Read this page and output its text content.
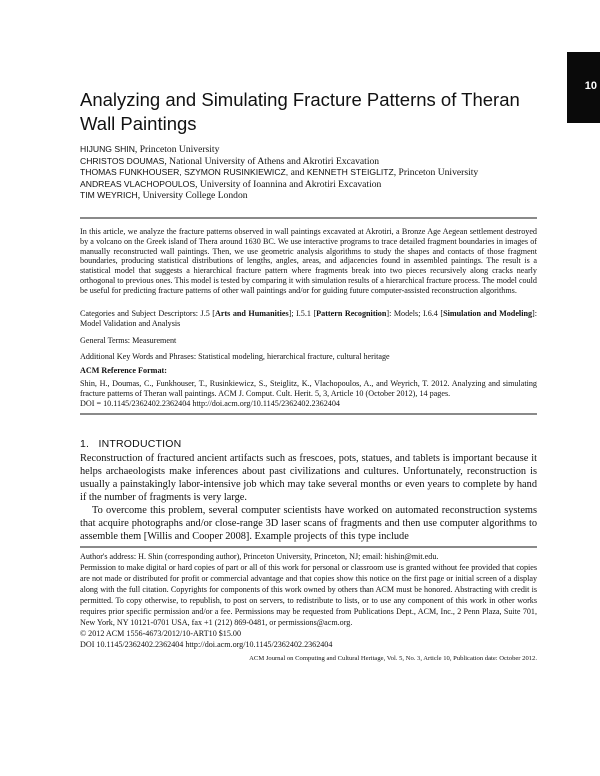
10
Analyzing and Simulating Fracture Patterns of Theran
Wall Paintings
HIJUNG SHIN, Princeton University
CHRISTOS DOUMAS, National University of Athens and Akrotiri Excavation
THOMAS FUNKHOUSER, SZYMON RUSINKIEWICZ, and KENNETH STEIGLITZ, Princeton University
ANDREAS VLACHOPOULOS, University of Ioannina and Akrotiri Excavation
TIM WEYRICH, University College London
In this article, we analyze the fracture patterns observed in wall paintings excavated at Akrotiri, a Bronze Age Aegean settlement destroyed by a volcano on the Greek island of Thera around 1630 BC. We use interactive programs to trace detailed fragment boundaries in images of manually reconstructed wall paintings. Then, we use geometric analysis algorithms to study the shapes and contacts of those fragment boundaries, producing statistical distributions of lengths, angles, areas, and adjacencies found in assembled paintings. The result is a statistical model that suggests a hierarchical fracture pattern where fragments break into two pieces recursively along cracks nearly orthogonal to previous ones. This model is tested by comparing it with simulation results of a hierarchical fracture process. The model could be useful for predicting fracture patterns of other wall paintings and/or for guiding future computer-assisted reconstruction algorithms.
Categories and Subject Descriptors: J.5 [Arts and Humanities]; I.5.1 [Pattern Recognition]: Models; I.6.4 [Simulation and Modeling]: Model Validation and Analysis
General Terms: Measurement
Additional Key Words and Phrases: Statistical modeling, hierarchical fracture, cultural heritage
ACM Reference Format:
Shin, H., Doumas, C., Funkhouser, T., Rusinkiewicz, S., Steiglitz, K., Vlachopoulos, A., and Weyrich, T. 2012. Analyzing and simulating fracture patterns of Theran wall paintings. ACM J. Comput. Cult. Herit. 5, 3, Article 10 (October 2012), 14 pages.
DOI = 10.1145/2362402.2362404 http://doi.acm.org/10.1145/2362402.2362404
1.   INTRODUCTION

Reconstruction of fractured ancient artifacts such as frescoes, pots, statues, and tablets is important because it helps archaeologists make inferences about past civilizations and cultures. Unfortunately, reconstruction is usually a painstakingly labor-intensive job which may take several months or even years to complete by hand if the number of fragments is very large.

To overcome this problem, several computer scientists have worked on automated reconstruction systems that acquire photographs and/or close-range 3D laser scans of fragments and then use computer algorithms to assemble them [Willis and Cooper 2008]. Example projects of this type include

Author's address: H. Shin (corresponding author), Princeton University, Princeton, NJ; email: hishin@mit.edu.
Permission to make digital or hard copies of part or all of this work for personal or classroom use is granted without fee provided that copies are not made or distributed for profit or commercial advantage and that copies show this notice on the first page or initial screen of a display along with the full citation. Copyrights for components of this work owned by others than ACM must be honored. Abstracting with credit is permitted. To copy otherwise, to republish, to post on servers, to redistribute to lists, or to use any component of this work in other works requires prior specific permission and/or a fee. Permissions may be requested from Publications Dept., ACM, Inc., 2 Penn Plaza, Suite 701, New York, NY 10121-0701 USA, fax +1 (212) 869-0481, or permissions@acm.org.
© 2012 ACM 1556-4673/2012/10-ART10 $15.00
DOI 10.1145/2362402.2362404 http://doi.acm.org/10.1145/2362402.2362404
ACM Journal on Computing and Cultural Heritage, Vol. 5, No. 3, Article 10, Publication date: October 2012.
